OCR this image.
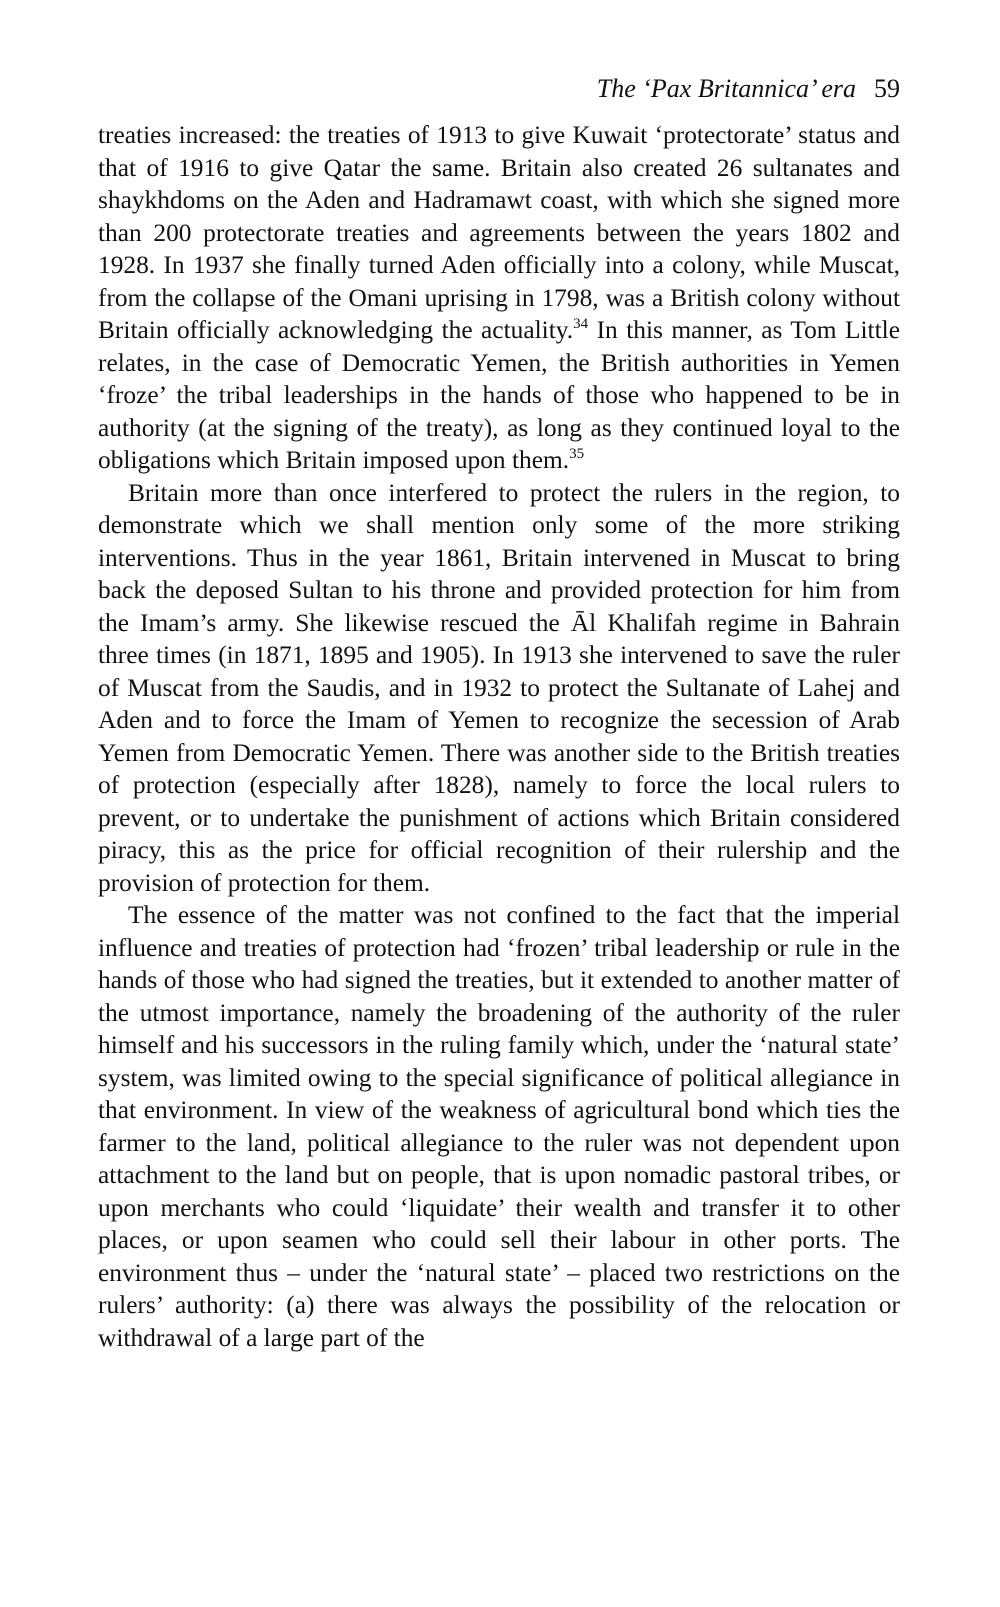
The ‘Pax Britannica’ era 59

treaties increased: the treaties of 1913 to give Kuwait ‘protectorate’ status and that of 1916 to give Qatar the same. Britain also created 26 sultanates and shaykhdoms on the Aden and Hadramawt coast, with which she signed more than 200 protectorate treaties and agreements between the years 1802 and 1928. In 1937 she finally turned Aden officially into a colony, while Muscat, from the collapse of the Omani uprising in 1798, was a British colony without Britain officially acknowledging the actuality.$^{34}$ In this manner, as Tom Little relates, in the case of Democratic Yemen, the British authorities in Yemen ‘froze’ the tribal leaderships in the hands of those who happened to be in authority (at the signing of the treaty), as long as they continued loyal to the obligations which Britain imposed upon them.$^{35}$

Britain more than once interfered to protect the rulers in the region, to demonstrate which we shall mention only some of the more striking interventions. Thus in the year 1861, Britain intervened in Muscat to bring back the deposed Sultan to his throne and provided protection for him from the Imam’s army. She likewise rescued the Āl Khalifah regime in Bahrain three times (in 1871, 1895 and 1905). In 1913 she intervened to save the ruler of Muscat from the Saudis, and in 1932 to protect the Sultanate of Lahej and Aden and to force the Imam of Yemen to recognize the secession of Arab Yemen from Democratic Yemen. There was another side to the British treaties of protection (especially after 1828), namely to force the local rulers to prevent, or to undertake the punishment of actions which Britain considered piracy, this as the price for official recognition of their rulership and the provision of protection for them.

The essence of the matter was not confined to the fact that the imperial influence and treaties of protection had ‘frozen’ tribal leadership or rule in the hands of those who had signed the treaties, but it extended to another matter of the utmost importance, namely the broadening of the authority of the ruler himself and his successors in the ruling family which, under the ‘natural state’ system, was limited owing to the special significance of political allegiance in that environment. In view of the weakness of agricultural bond which ties the farmer to the land, political allegiance to the ruler was not dependent upon attachment to the land but on people, that is upon nomadic pastoral tribes, or upon merchants who could ‘liquidate’ their wealth and transfer it to other places, or upon seamen who could sell their labour in other ports. The environment thus – under the ‘natural state’ – placed two restrictions on the rulers’ authority: (a) there was always the possibility of the relocation or withdrawal of a large part of the
